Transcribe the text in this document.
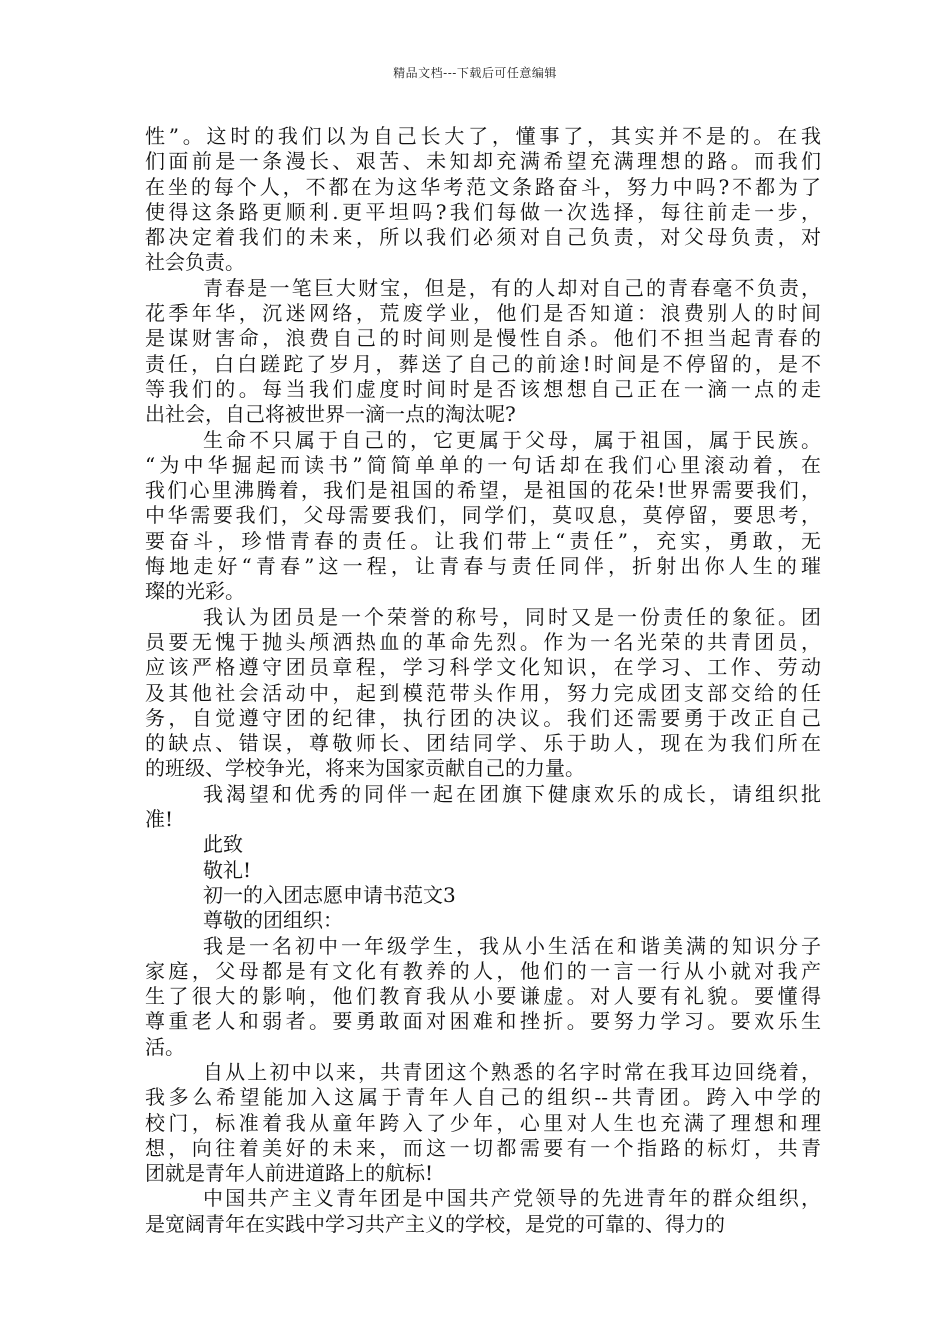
精品文档---下载后可任意编辑
性”。这时的我们以为自己长大了，懂事了，其实并不是的。在我
们面前是一条漫长、艰苦、未知却充满希望充满理想的路。而我们
在坐的每个人，不都在为这华考范文条路奋斗，努力中吗?不都为了
使得这条路更顺利.更平坦吗?我们每做一次选择，每往前走一步，
都决定着我们的未来，所以我们必须对自己负责，对父母负责，对
社会负责。
青春是一笔巨大财宝，但是，有的人却对自己的青春毫不负责，
花季年华，沉迷网络，荒废学业，他们是否知道：浪费别人的时间
是谋财害命，浪费自己的时间则是慢性自杀。他们不担当起青春的
责任，白白蹉跎了岁月，葬送了自己的前途!时间是不停留的，是不
等我们的。每当我们虚度时间时是否该想想自己正在一滴一点的走
出社会，自己将被世界一滴一点的淘汰呢?
生命不只属于自己的，它更属于父母，属于祖国，属于民族。
“为中华掘起而读书”简简单单的一句话却在我们心里滚动着，在
我们心里沸腾着，我们是祖国的希望，是祖国的花朵!世界需要我们，
中华需要我们，父母需要我们，同学们，莫叹息，莫停留，要思考，
要奋斗，珍惜青春的责任。让我们带上“责任”，充实，勇敢，无
悔地走好“青春”这一程，让青春与责任同伴，折射出你人生的璀
璨的光彩。
我认为团员是一个荣誉的称号，同时又是一份责任的象征。团
员要无愧于抛头颅洒热血的革命先烈。作为一名光荣的共青团员，
应该严格遵守团员章程，学习科学文化知识，在学习、工作、劳动
及其他社会活动中，起到模范带头作用，努力完成团支部交给的任
务，自觉遵守团的纪律，执行团的决议。我们还需要勇于改正自己
的缺点、错误，尊敬师长、团结同学、乐于助人，现在为我们所在
的班级、学校争光，将来为国家贡献自己的力量。
我渴望和优秀的同伴一起在团旗下健康欢乐的成长，请组织批
准!
此致
敬礼!
初一的入团志愿申请书范文3
尊敬的团组织：
我是一名初中一年级学生，我从小生活在和谐美满的知识分子
家庭，父母都是有文化有教养的人，他们的一言一行从小就对我产
生了很大的影响，他们教育我从小要谦虚。对人要有礼貌。要懂得
尊重老人和弱者。要勇敢面对困难和挫折。要努力学习。要欢乐生
活。
自从上初中以来，共青团这个熟悉的名字时常在我耳边回绕着，
我多么希望能加入这属于青年人自己的组织--共青团。跨入中学的
校门，标准着我从童年跨入了少年，心里对人生也充满了理想和理
想，向往着美好的未来，而这一切都需要有一个指路的标灯，共青
团就是青年人前进道路上的航标!
中国共产主义青年团是中国共产党领导的先进青年的群众组织，
是宽阔青年在实践中学习共产主义的学校，是党的可靠的、得力的
